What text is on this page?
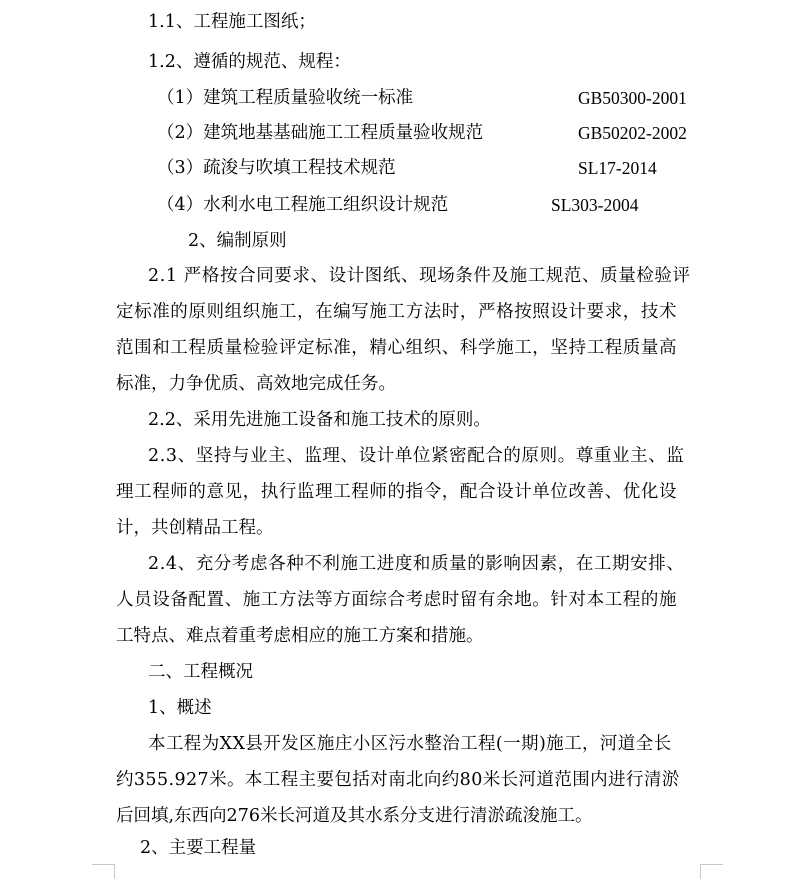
1.1、工程施工图纸；
1.2、遵循的规范、规程：
（1）建筑工程质量验收统一标准	GB50300-2001
（2）建筑地基基础施工工程质量验收规范	GB50202-2002
（3）疏浚与吹填工程技术规范	SL17-2014
（4）水利水电工程施工组织设计规范	SL303-2004
2、编制原则
2.1 严格按合同要求、设计图纸、现场条件及施工规范、质量检验评
定标准的原则组织施工，在编写施工方法时，严格按照设计要求，技术
范围和工程质量检验评定标准，精心组织、科学施工，坚持工程质量高
标准，力争优质、高效地完成任务。
2.2、采用先进施工设备和施工技术的原则。
2.3、坚持与业主、监理、设计单位紧密配合的原则。尊重业主、监
理工程师的意见，执行监理工程师的指令，配合设计单位改善、优化设
计，共创精品工程。
2.4、充分考虑各种不利施工进度和质量的影响因素，在工期安排、
人员设备配置、施工方法等方面综合考虑时留有余地。针对本工程的施
工特点、难点着重考虑相应的施工方案和措施。
二、工程概况
1、概述
本工程为XX县开发区施庄小区污水整治工程(一期)施工，河道全长
约355.927米。本工程主要包括对南北向约80米长河道范围内进行清淤
后回填,东西向276米长河道及其水系分支进行清淤疏浚施工。
2、主要工程量
